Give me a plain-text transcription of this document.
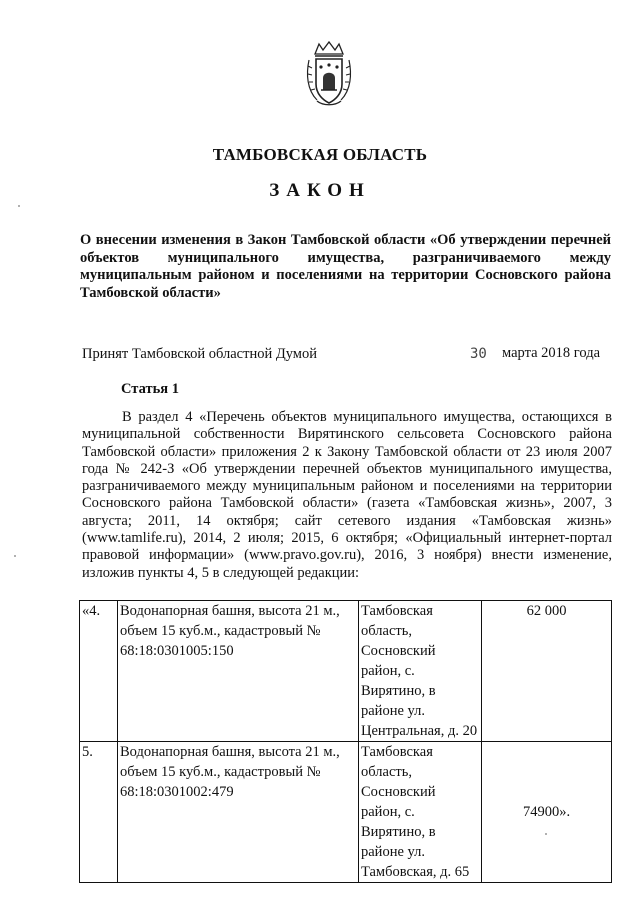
ТАМБОВСКАЯ ОБЛАСТЬ
ЗАКОН
О внесении изменения в Закон Тамбовской области «Об утверждении перечней объектов муниципального имущества, разграничиваемого между муниципальным районом и поселениями на территории Сосновского района Тамбовской области»
Принят Тамбовской областной Думой	30 марта 2018 года
Статья 1

В раздел 4 «Перечень объектов муниципального имущества, остающихся в муниципальной собственности Вирятинского сельсовета Сосновского района Тамбовской области» приложения 2 к Закону Тамбовской области от 23 июля 2007 года № 242-З «Об утверждении перечней объектов муниципального имущества, разграничиваемого между муниципальным районом и поселениями на территории Сосновского района Тамбовской области» (газета «Тамбовская жизнь», 2007, 3 августа; 2011, 14 октября; сайт сетевого издания «Тамбовская жизнь» (www.tamlife.ru), 2014, 2 июля; 2015, 6 октября; «Официальный интернет-портал правовой информации» (www.pravo.gov.ru), 2016, 3 ноября) внести изменение, изложив пункты 4, 5 в следующей редакции:

«4.	Водонапорная башня, высота 21 м., объем 15 куб.м., кадастровый № 68:18:0301005:150	Тамбовская область, Сосновский район, с. Вирятино, в районе ул. Центральная, д. 20	62 000
5.	Водонапорная башня, высота 21 м., объем 15 куб.м., кадастровый № 68:18:0301002:479	Тамбовская область, Сосновский район, с. Вирятино, в районе ул. Тамбовская, д. 65	74900».
